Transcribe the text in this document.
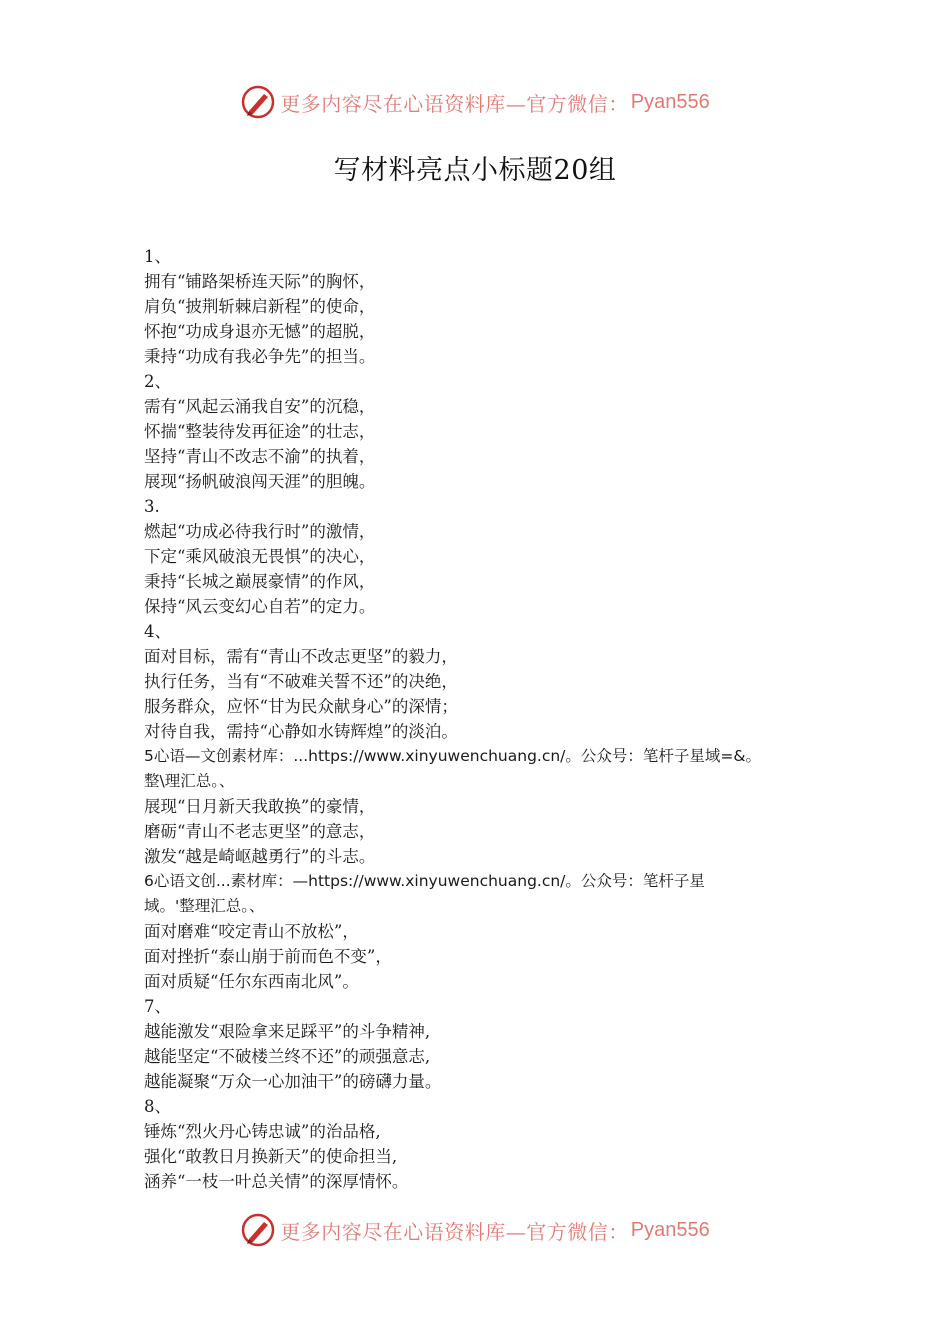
更多内容尽在心语资料库—官方微信： Pyan556
写材料亮点小标题20组
1、
拥有“铺路架桥连天际”的胸怀，
肩负“披荆斩棘启新程”的使命，
怀抱“功成身退亦无憾”的超脱，
秉持“功成有我必争先”的担当。
2、
需有“风起云涌我自安”的沉稳，
怀揣“整装待发再征途”的壮志，
坚持“青山不改志不渝”的执着，
展现“扬帆破浪闯天涯”的胆魄。
3.
燃起“功成必待我行时”的激情，
下定“乘风破浪无畏惧”的决心，
秉持“长城之巅展豪情”的作风，
保持“风云变幻心自若”的定力。
4、
面对目标，需有“青山不改志更坚”的毅力，
执行任务，当有“不破难关誓不还”的决绝，
服务群众，应怀“甘为民众献身心”的深情；
对待自我，需持“心静如水铸辉煌”的淡泊。
5心语—文创素材库：...https://www.xinyuwenchuang.cn/。公众号：笔杆子星域=&。
整\理汇总。、
展现“日月新天我敢换”的豪情，
磨砺“青山不老志更坚”的意志，
激发“越是崎岖越勇行”的斗志。
6心语文创...素材库：—https://www.xinyuwenchuang.cn/。公众号：笔杆子星
域。'整理汇总。、
面对磨难“咬定青山不放松”，
面对挫折“泰山崩于前而色不变”，
面对质疑“任尔东西南北风”。
7、
越能激发“艰险拿来足踩平”的斗争精神,
越能坚定“不破楼兰终不还”的顽强意志,
越能凝聚“万众一心加油干”的磅礴力量。
8、
锤炼“烈火丹心铸忠诚”的治品格,
强化“敢教日月换新天”的使命担当,
涵养“一枝一叶总关情”的深厚情怀。
更多内容尽在心语资料库—官方微信： Pyan556
